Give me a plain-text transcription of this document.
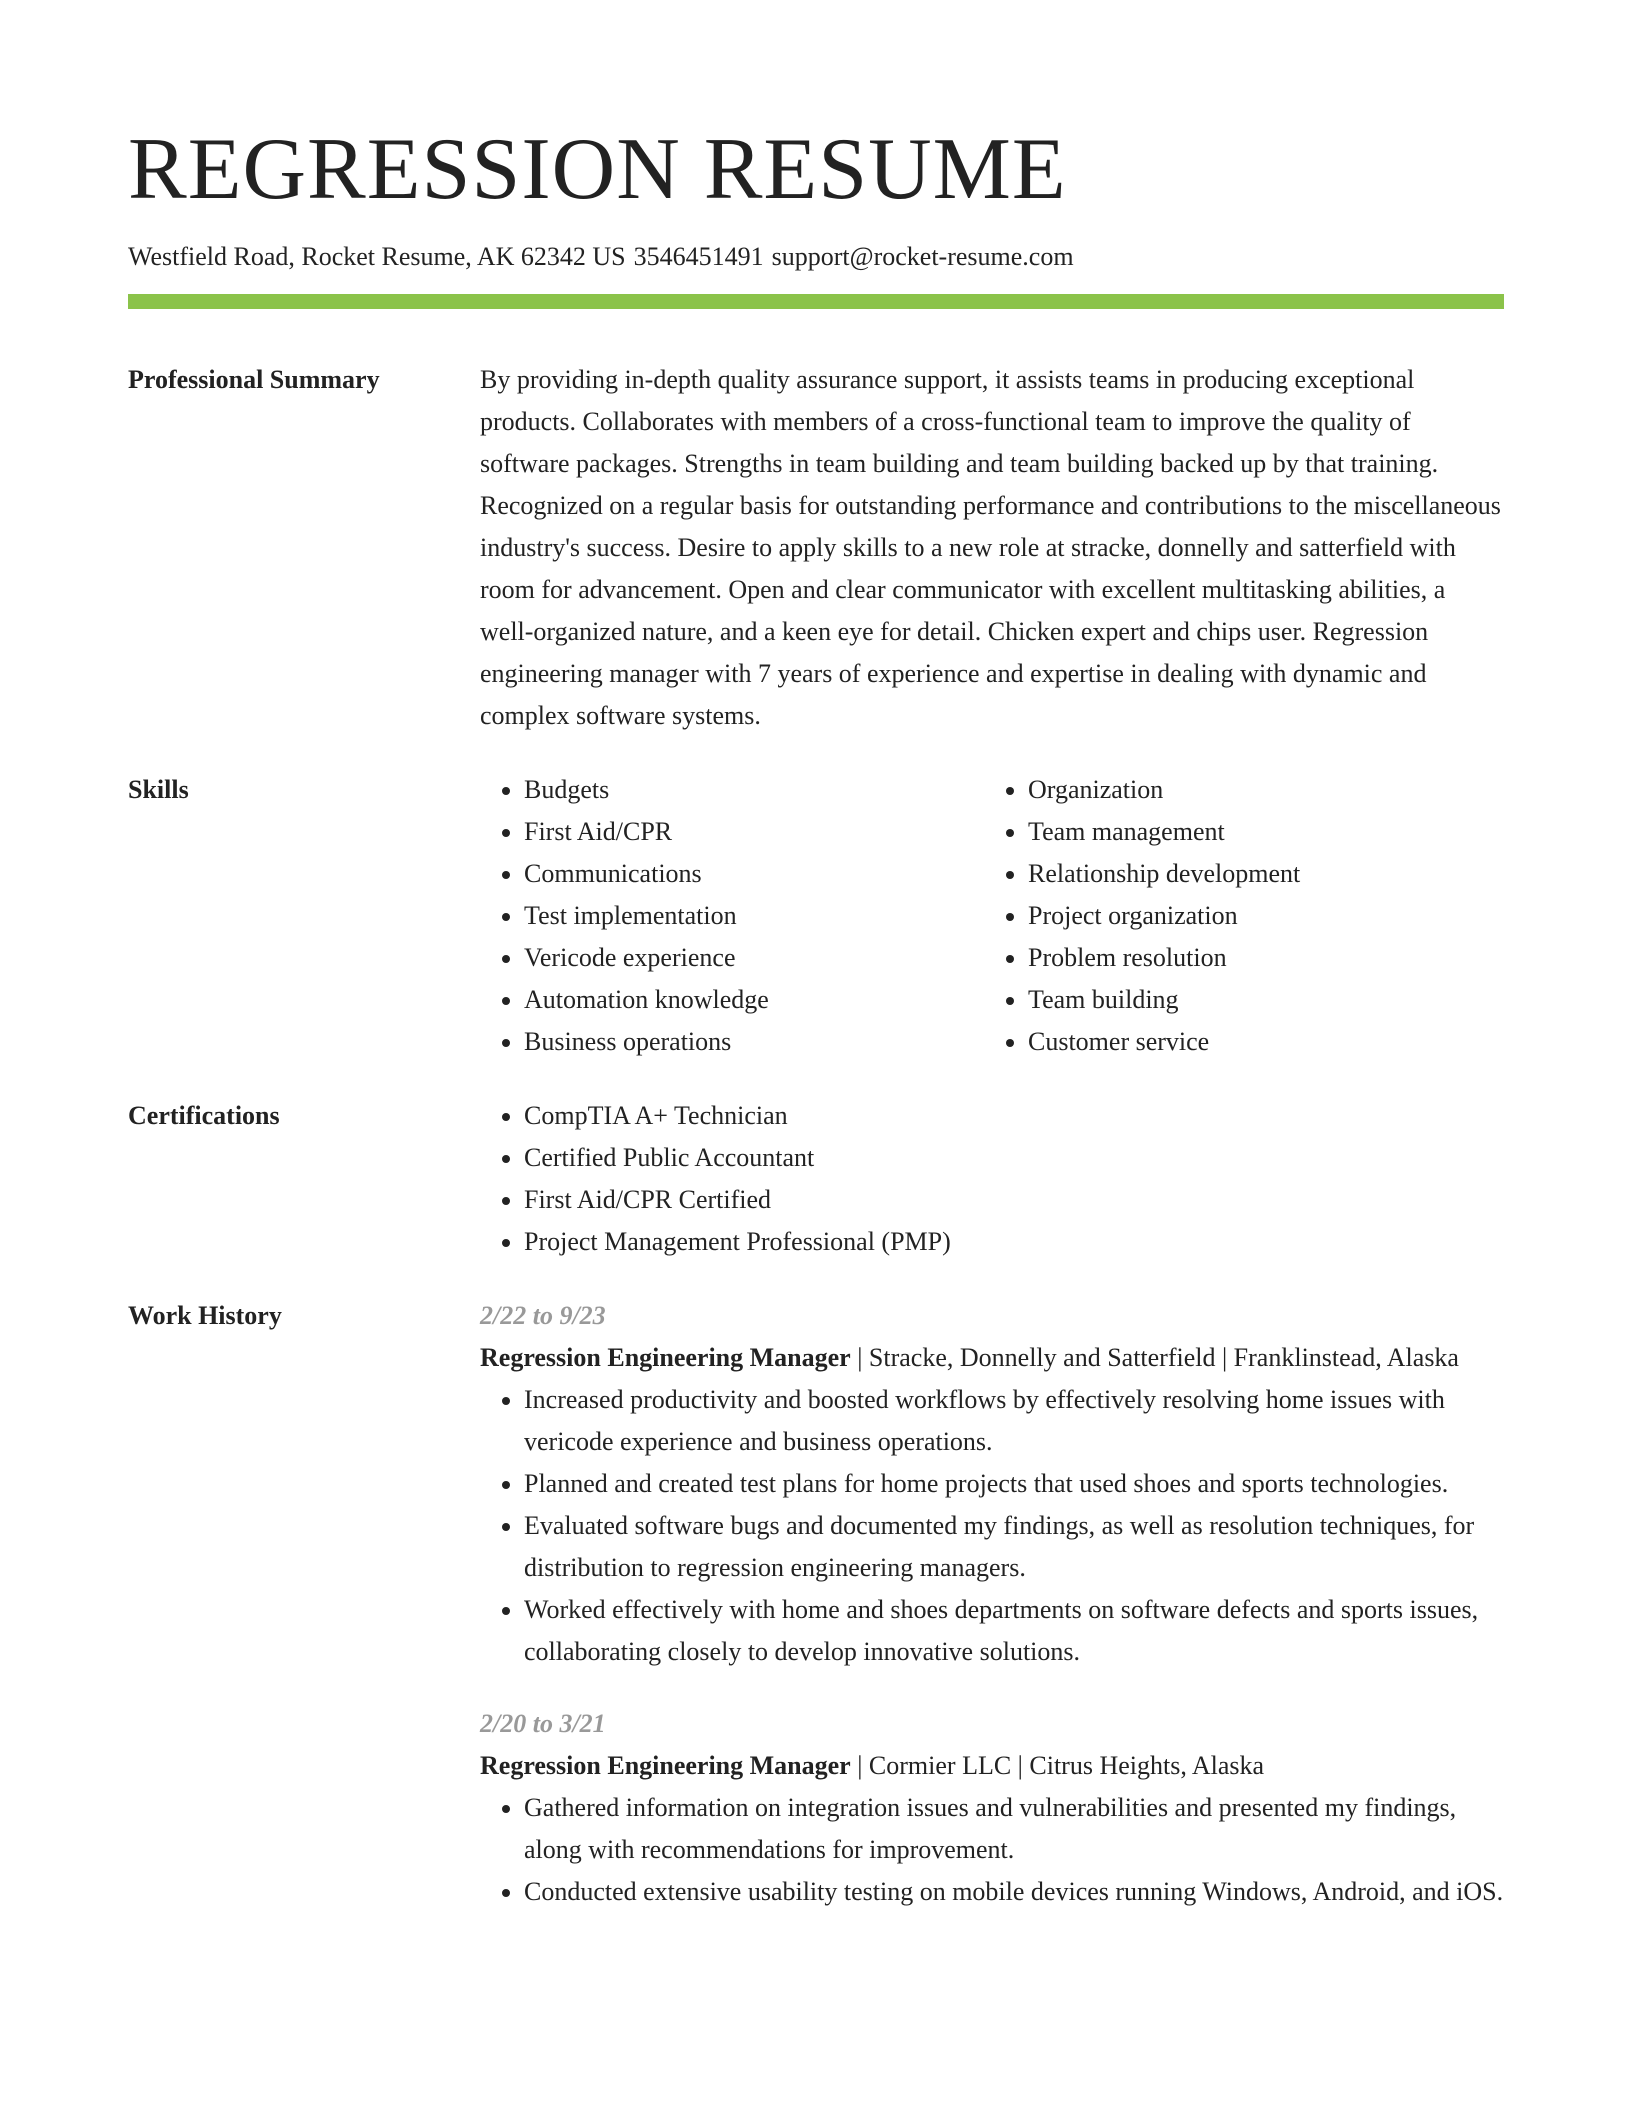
REGRESSION RESUME
Westfield Road, Rocket Resume, AK 62342 US 3546451491 support@rocket-resume.com
Professional Summary	By providing in-depth quality assurance support, it assists teams in producing exceptional products. Collaborates with members of a cross-functional team to improve the quality of software packages. Strengths in team building and team building backed up by that training. Recognized on a regular basis for outstanding performance and contributions to the miscellaneous industry's success. Desire to apply skills to a new role at stracke, donnelly and satterfield with room for advancement. Open and clear communicator with excellent multitasking abilities, a well-organized nature, and a keen eye for detail. Chicken expert and chips user. Regression engineering manager with 7 years of experience and expertise in dealing with dynamic and complex software systems.
Skills	• Budgets
• First Aid/CPR
• Communications
• Test implementation
• Vericode experience
• Automation knowledge
• Business operations
• Organization
• Team management
• Relationship development
• Project organization
• Problem resolution
• Team building
• Customer service
Certifications	• CompTIA A+ Technician
• Certified Public Accountant
• First Aid/CPR Certified
• Project Management Professional (PMP)
Work History	2/22 to 9/23
Regression Engineering Manager | Stracke, Donnelly and Satterfield | Franklinstead, Alaska
• Increased productivity and boosted workflows by effectively resolving home issues with vericode experience and business operations.
• Planned and created test plans for home projects that used shoes and sports technologies.
• Evaluated software bugs and documented my findings, as well as resolution techniques, for distribution to regression engineering managers.
• Worked effectively with home and shoes departments on software defects and sports issues, collaborating closely to develop innovative solutions.
2/20 to 3/21
Regression Engineering Manager | Cormier LLC | Citrus Heights, Alaska
• Gathered information on integration issues and vulnerabilities and presented my findings, along with recommendations for improvement.
• Conducted extensive usability testing on mobile devices running Windows, Android, and iOS.
